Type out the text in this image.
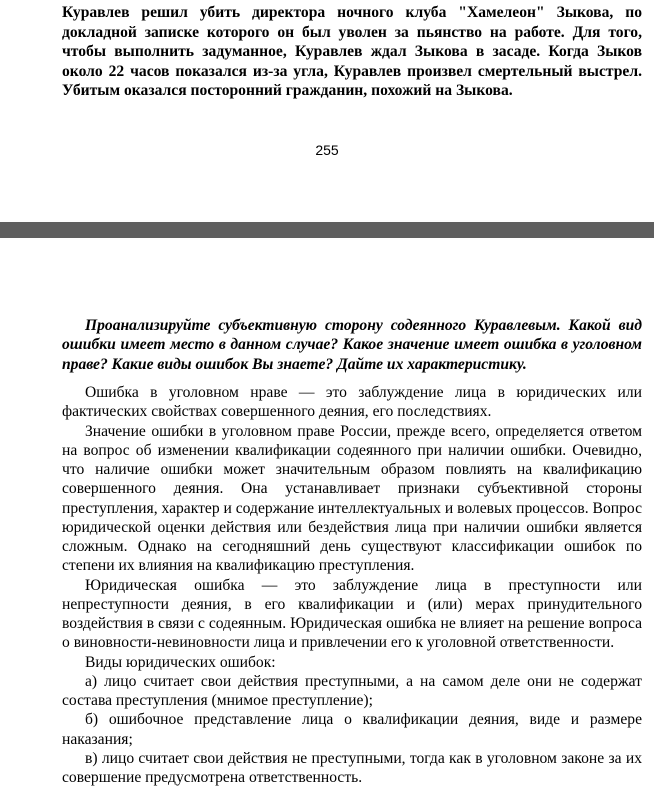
Куравлев решил убить директора ночного клуба "Хамелеон" Зыкова, по докладной записке которого он был уволен за пьянство на работе. Для того, чтобы выполнить задуманное, Куравлев ждал Зыкова в засаде. Когда Зыков около 22 часов показался из-за угла, Куравлев произвел смертельный выстрел. Убитым оказался посторонний гражданин, похожий на Зыкова.

255

Проанализируйте субъективную сторону содеянного Куравлевым. Какой вид ошибки имеет место в данном случае? Какое значение имеет ошибка в уголовном праве? Какие виды ошибок Вы знаете? Дайте их характеристику.

Ошибка в уголовном нраве — это заблуждение лица в юридических или фактических свойствах совершенного деяния, его последствиях.

Значение ошибки в уголовном праве России, прежде всего, определяется ответом на вопрос об изменении квалификации содеянного при наличии ошибки. Очевидно, что наличие ошибки может значительным образом повлиять на квалификацию совершенного деяния. Она устанавливает признаки субъективной стороны преступления, характер и содержание интеллектуальных и волевых процессов. Вопрос юридической оценки действия или бездействия лица при наличии ошибки является сложным. Однако на сегодняшний день существуют классификации ошибок по степени их влияния на квалификацию преступления.

Юридическая ошибка — это заблуждение лица в преступности или непреступности деяния, в его квалификации и (или) мерах принудительного воздействия в связи с содеянным. Юридическая ошибка не влияет на решение вопроса о виновности-невиновности лица и привлечении его к уголовной ответственности.

Виды юридических ошибок:

а) лицо считает свои действия преступными, а на самом деле они не содержат состава преступления (мнимое преступление);

б) ошибочное представление лица о квалификации деяния, виде и размере наказания;

в) лицо считает свои действия не преступными, тогда как в уголовном законе за их совершение предусмотрена ответственность.
